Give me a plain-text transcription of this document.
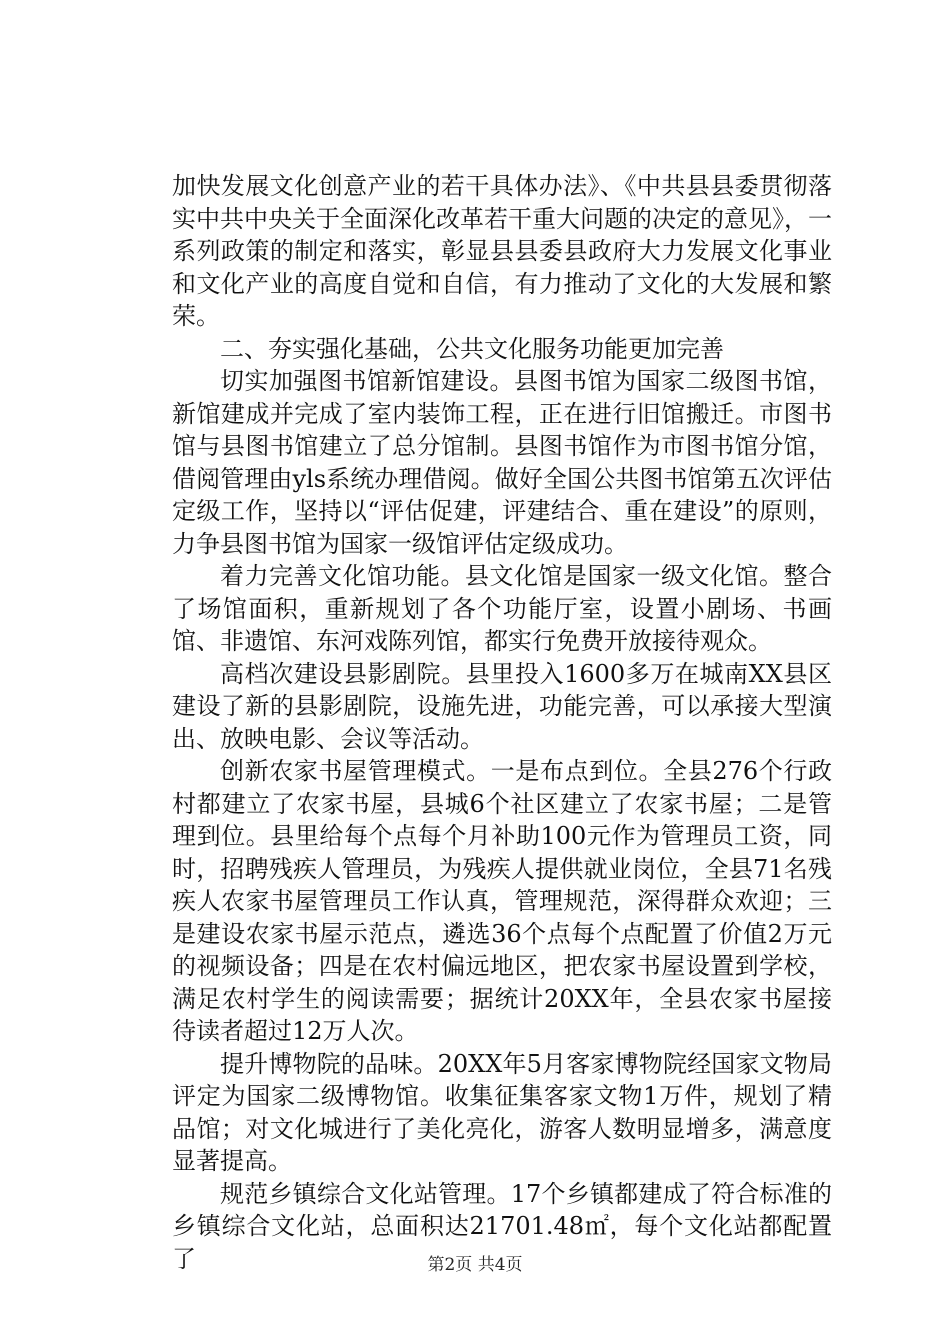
加快发展文化创意产业的若干具体办法》、《中共县县委贯彻落实中共中央关于全面深化改革若干重大问题的决定的意见》，一系列政策的制定和落实，彰显县县委县政府大力发展文化事业和文化产业的高度自觉和自信，有力推动了文化的大发展和繁荣。

二、夯实强化基础，公共文化服务功能更加完善

切实加强图书馆新馆建设。县图书馆为国家二级图书馆，新馆建成并完成了室内装饰工程，正在进行旧馆搬迁。市图书馆与县图书馆建立了总分馆制。县图书馆作为市图书馆分馆，借阅管理由yls系统办理借阅。做好全国公共图书馆第五次评估定级工作，坚持以“评估促建，评建结合、重在建设”的原则，力争县图书馆为国家一级馆评估定级成功。

着力完善文化馆功能。县文化馆是国家一级文化馆。整合了场馆面积，重新规划了各个功能厅室，设置小剧场、书画馆、非遗馆、东河戏陈列馆，都实行免费开放接待观众。

高档次建设县影剧院。县里投入1600多万在城南XX县区建设了新的县影剧院，设施先进，功能完善，可以承接大型演出、放映电影、会议等活动。

创新农家书屋管理模式。一是布点到位。全县276个行政村都建立了农家书屋，县城6个社区建立了农家书屋；二是管理到位。县里给每个点每个月补助100元作为管理员工资，同时，招聘残疾人管理员，为残疾人提供就业岗位，全县71名残疾人农家书屋管理员工作认真，管理规范，深得群众欢迎；三是建设农家书屋示范点，遴选36个点每个点配置了价值2万元的视频设备；四是在农村偏远地区，把农家书屋设置到学校，满足农村学生的阅读需要；据统计20XX年，全县农家书屋接待读者超过12万人次。

提升博物院的品味。20XX年5月客家博物院经国家文物局评定为国家二级博物馆。收集征集客家文物1万件，规划了精品馆；对文化城进行了美化亮化，游客人数明显增多，满意度显著提高。

规范乡镇综合文化站管理。17个乡镇都建成了符合标准的乡镇综合文化站，总面积达21701.48㎡，每个文化站都配置了	第2页 共4页
